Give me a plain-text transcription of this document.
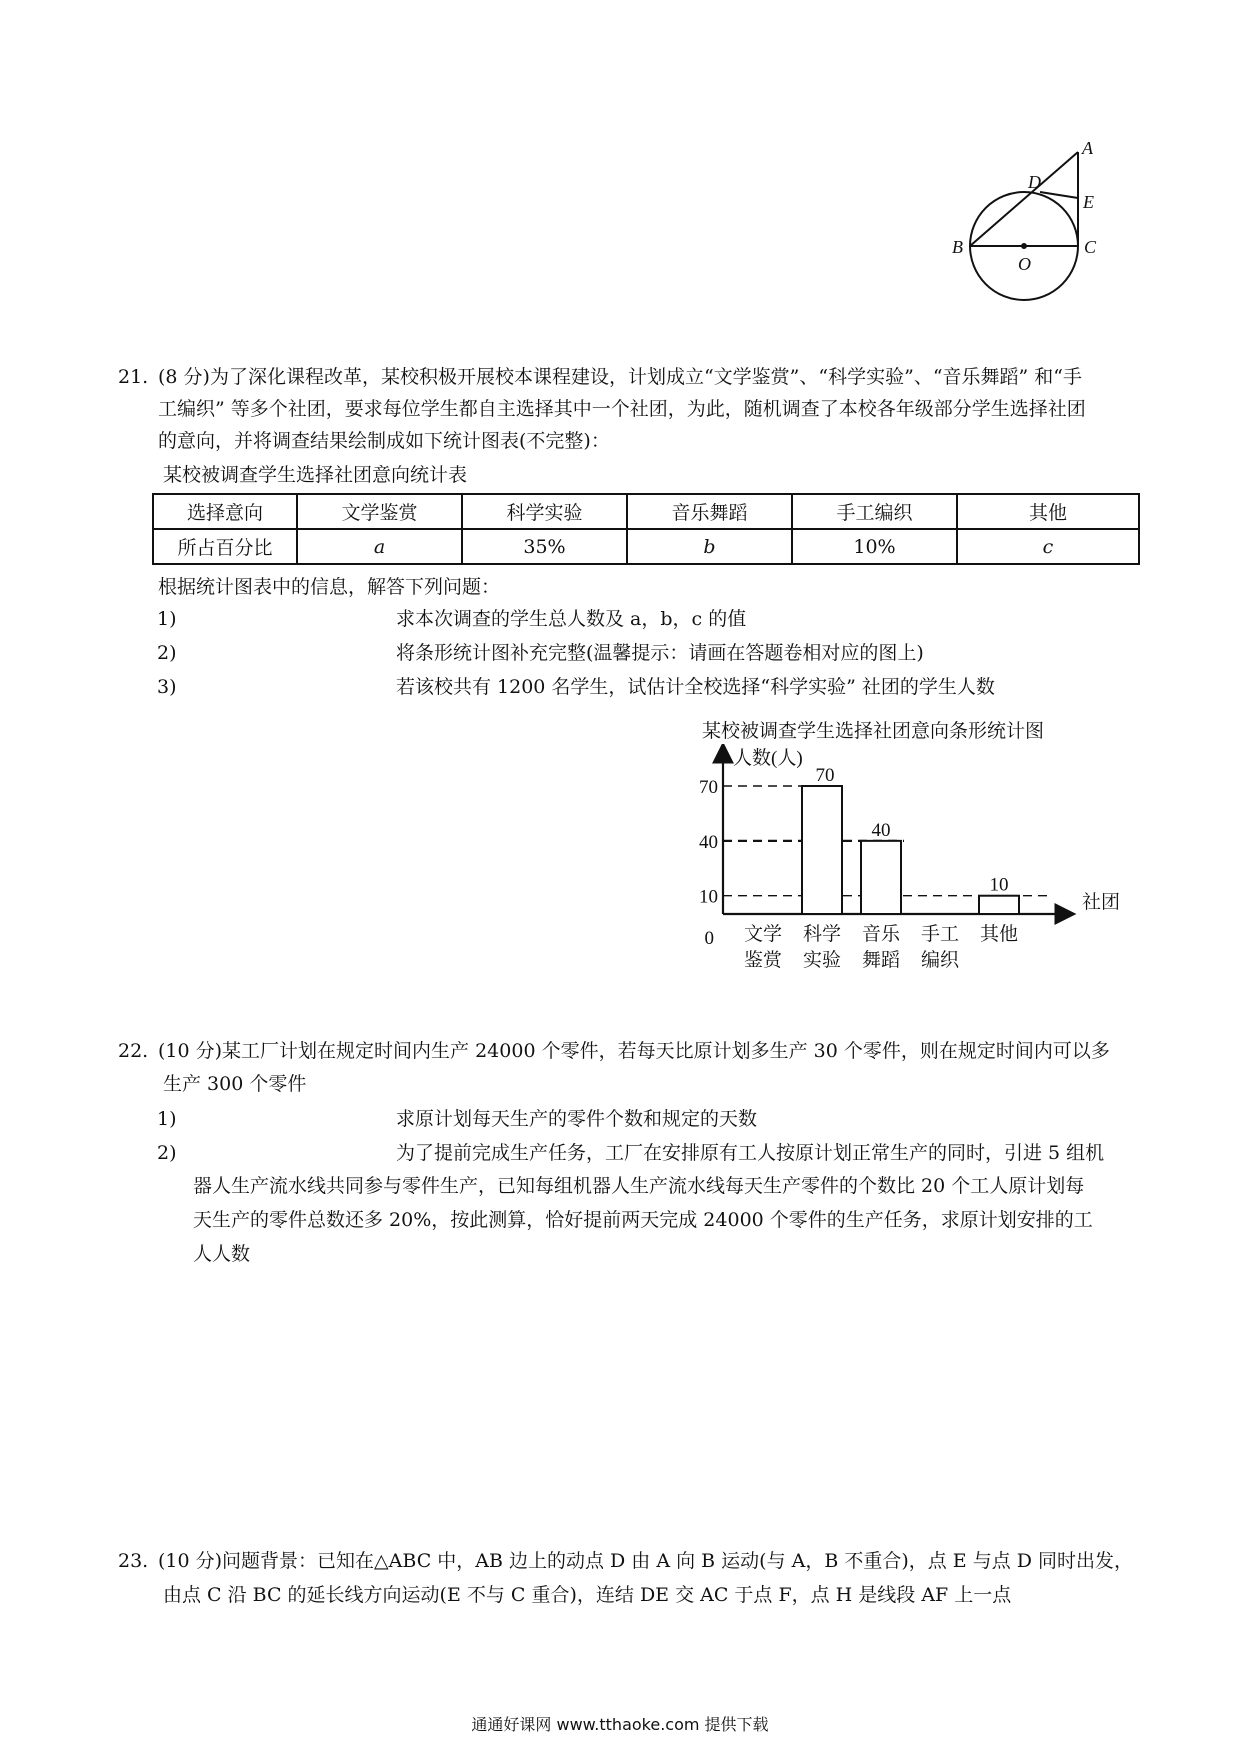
A
D
E
B	C
O
21. (8 分)为了深化课程改革，某校积极开展校本课程建设，计划成立“文学鉴赏”、“科学实验”、“音乐舞蹈” 和“手
工编织” 等多个社团，要求每位学生都自主选择其中一个社团，为此，随机调查了本校各年级部分学生选择社团
的意向，并将调查结果绘制成如下统计图表(不完整)：
某校被调查学生选择社团意向统计表
选择意向	文学鉴赏	科学实验	音乐舞蹈	手工编织	其他
所占百分比	a	35%	b	10%	c
根据统计图表中的信息，解答下列问题：
1)	求本次调查的学生总人数及 a，b，c 的值
2)	将条形统计图补充完整(温馨提示：请画在答题卷相对应的图上)
3)	若该校共有 1200 名学生，试估计全校选择“科学实验” 社团的学生人数
某校被调查学生选择社团意向条形统计图
70
40
10
0
人数(人)
社团
文学
鉴赏
70
科学
实验
40
音乐
舞蹈
手工
编织
10
其他
22. (10 分)某工厂计划在规定时间内生产 24000 个零件，若每天比原计划多生产 30 个零件，则在规定时间内可以多
生产 300 个零件
1)	求原计划每天生产的零件个数和规定的天数
2)	为了提前完成生产任务，工厂在安排原有工人按原计划正常生产的同时，引进 5 组机
器人生产流水线共同参与零件生产，已知每组机器人生产流水线每天生产零件的个数比 20 个工人原计划每
天生产的零件总数还多 20%，按此测算，恰好提前两天完成 24000 个零件的生产任务，求原计划安排的工
人人数
23. (10 分)问题背景：已知在△ABC 中，AB 边上的动点 D 由 A 向 B 运动(与 A，B 不重合)，点 E 与点 D 同时出发，
由点 C 沿 BC 的延长线方向运动(E 不与 C 重合)，连结 DE 交 AC 于点 F，点 H 是线段 AF 上一点
通通好课网 www.tthaoke.com 提供下载
